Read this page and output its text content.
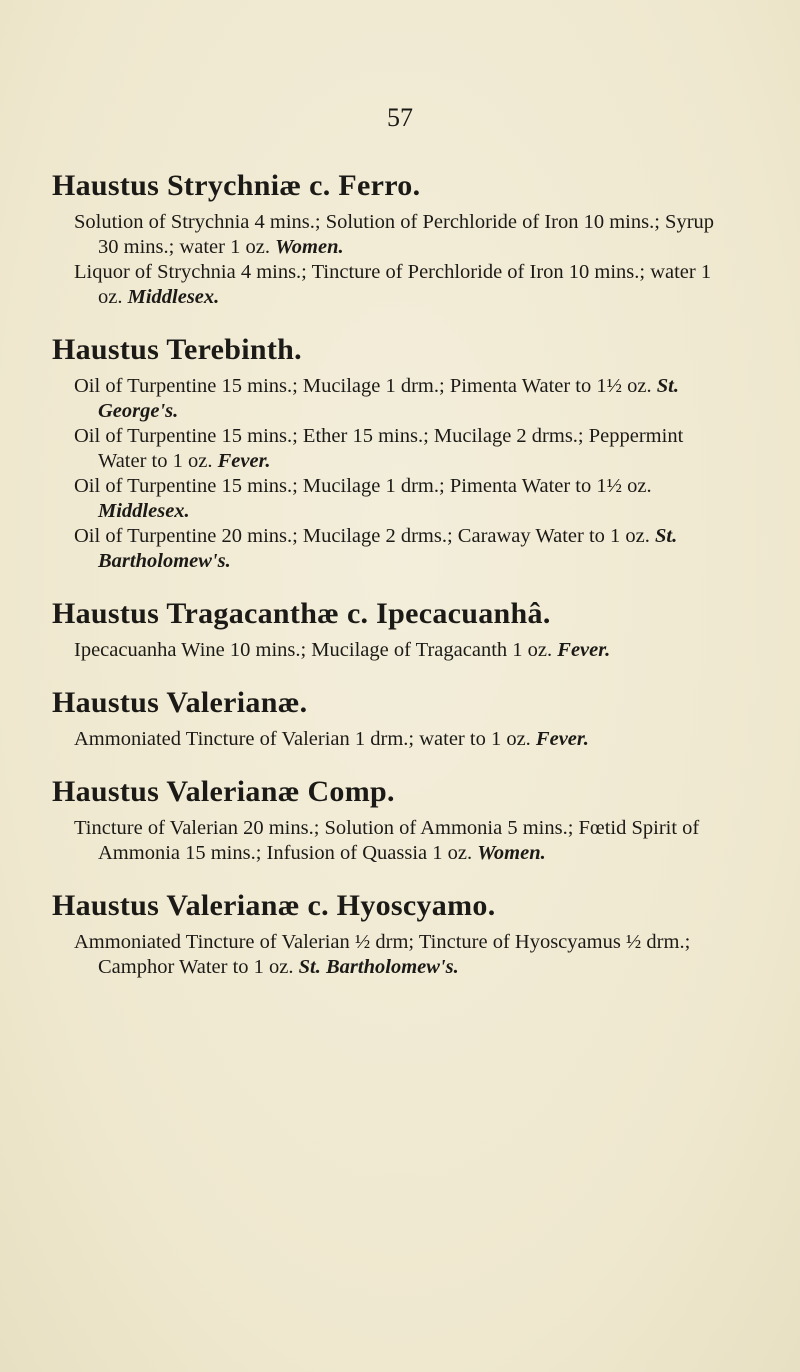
57
Haustus Strychniæ c. Ferro.

Solution of Strychnia 4 mins.; Solution of Perchloride of Iron 10 mins.; Syrup 30 mins.; water 1 oz. Women.

Liquor of Strychnia 4 mins.; Tincture of Perchloride of Iron 10 mins.; water 1 oz. Middlesex.

Haustus Terebinth.

Oil of Turpentine 15 mins.; Mucilage 1 drm.; Pimenta Water to 1½ oz. St. George's.

Oil of Turpentine 15 mins.; Ether 15 mins.; Mucilage 2 drms.; Peppermint Water to 1 oz. Fever.

Oil of Turpentine 15 mins.; Mucilage 1 drm.; Pimenta Water to 1½ oz. Middlesex.

Oil of Turpentine 20 mins.; Mucilage 2 drms.; Caraway Water to 1 oz. St. Bartholomew's.

Haustus Tragacanthæ c. Ipecacuanhâ.

Ipecacuanha Wine 10 mins.; Mucilage of Tragacanth 1 oz. Fever.

Haustus Valerianæ.

Ammoniated Tincture of Valerian 1 drm.; water to 1 oz. Fever.

Haustus Valerianæ Comp.

Tincture of Valerian 20 mins.; Solution of Ammonia 5 mins.; Fœtid Spirit of Ammonia 15 mins.; Infusion of Quassia 1 oz. Women.

Haustus Valerianæ c. Hyoscyamo.

Ammoniated Tincture of Valerian ½ drm; Tincture of Hyoscyamus ½ drm.; Camphor Water to 1 oz. St. Bartholomew's.
